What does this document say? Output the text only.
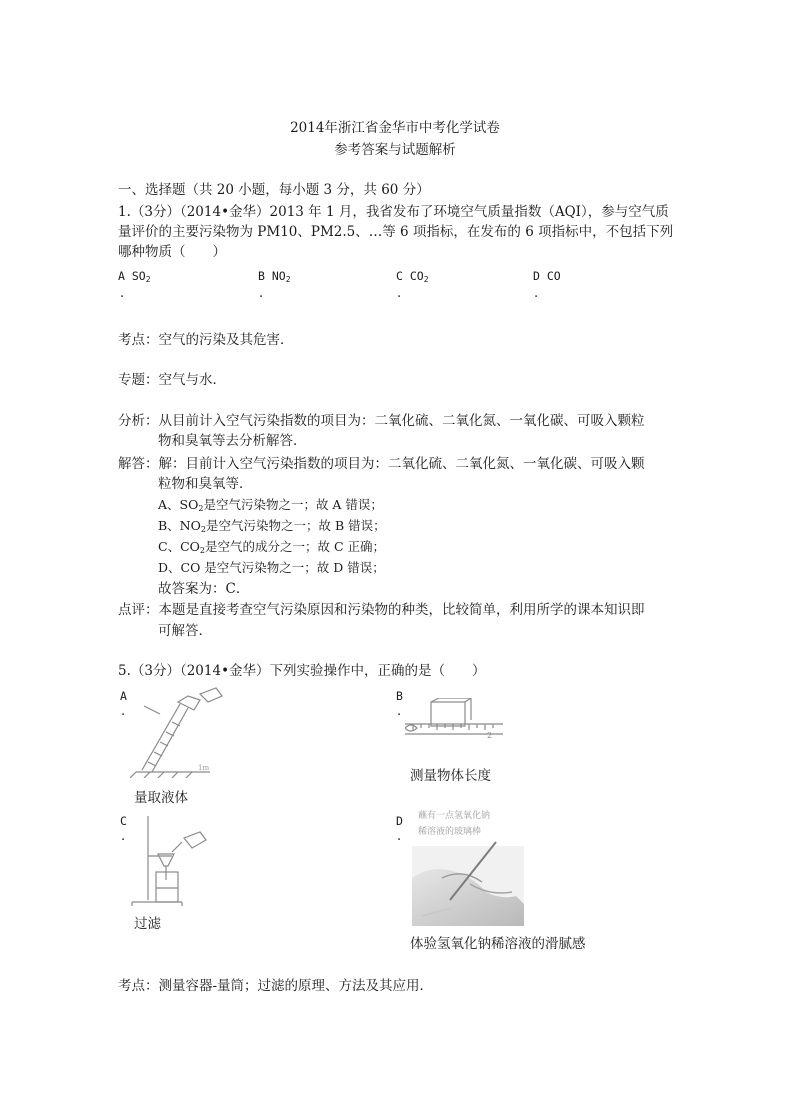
2014年浙江省金华市中考化学试卷
参考答案与试题解析
一、选择题（共 20 小题，每小题 3 分，共 60 分）
1.（3分）（2014•金华）2013 年 1 月，我省发布了环境空气质量指数（AQI），参与空气质
量评价的主要污染物为 PM10、PM2.5、…等 6 项指标，在发布的 6 项指标中，不包括下列
哪种物质（　　）
A $SO_2$	B $NO_2$	C $CO_2$	D CO
.	.	.	.
考点：空气的污染及其危害．
专题：空气与水．
分析：从目前计入空气污染指数的项目为：二氧化硫、二氧化氮、一氧化碳、可吸入颗粒
物和臭氧等去分析解答．
解答：解：目前计入空气污染指数的项目为：二氧化硫、二氧化氮、一氧化碳、可吸入颗
粒物和臭氧等．
A、$SO_2$是空气污染物之一；故 A 错误；
B、$NO_2$是空气污染物之一；故 B 错误；
C、$CO_2$是空气的成分之一；故 C 正确；
D、CO 是空气污染物之一；故 D 错误；
故答案为：C．
点评：本题是直接考查空气污染原因和污染物的种类，比较简单，利用所学的课本知识即
可解答．
5.（3分）（2014•金华）下列实验操作中，正确的是（　　）
A
.
1m
量取液体
B
.
2
测量物体长度
C
.
过滤
D
.
蘸有一点氢氧化钠
稀溶液的玻璃棒
体验氢氧化钠稀溶液的滑腻感
考点：测量容器-量筒；过滤的原理、方法及其应用．
